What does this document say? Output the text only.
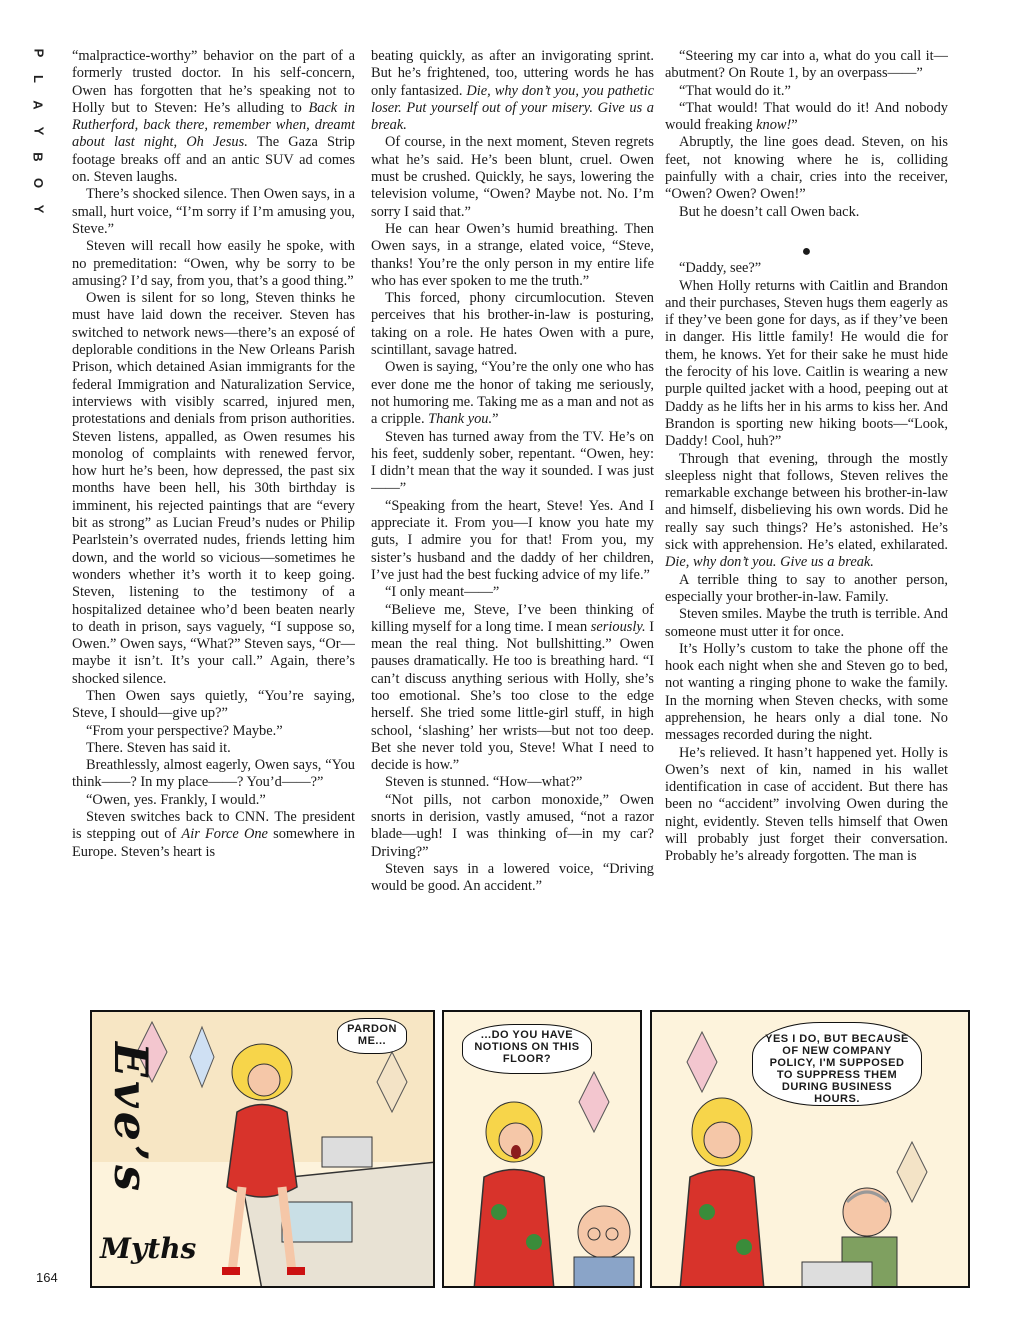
P
L
A
Y
B
O
Y

“malpractice-worthy” behavior on the part of a formerly trusted doctor. In his self-concern, Owen has forgotten that he’s speaking not to Holly but to Steven: He’s alluding to Back in Rutherford, back there, remember when, dreamt about last night, Oh Jesus. The Gaza Strip footage breaks off and an antic SUV ad comes on. Steven laughs.

There’s shocked silence. Then Owen says, in a small, hurt voice, “I’m sorry if I’m amusing you, Steve.”

Steven will recall how easily he spoke, with no premeditation: “Owen, why be sorry to be amusing? I’d say, from you, that’s a good thing.”

Owen is silent for so long, Steven thinks he must have laid down the receiver. Steven has switched to network news—there’s an exposé of deplorable conditions in the New Orleans Parish Prison, which detained Asian immigrants for the federal Immigration and Naturalization Service, interviews with visibly scarred, injured men, protestations and denials from prison authorities. Steven listens, appalled, as Owen resumes his monolog of complaints with renewed fervor, how hurt he’s been, how depressed, the past six months have been hell, his 30th birthday is imminent, his rejected paintings that are “every bit as strong” as Lucian Freud’s nudes or Philip Pearlstein’s overrated nudes, friends letting him down, and the world so vicious—sometimes he wonders whether it’s worth it to keep going. Steven, listening to the testimony of a hospitalized detainee who’d been beaten nearly to death in prison, says vaguely, “I suppose so, Owen.” Owen says, “What?” Steven says, “Or—maybe it isn’t. It’s your call.” Again, there’s shocked silence.

Then Owen says quietly, “You’re saying, Steve, I should—give up?”

“From your perspective? Maybe.”

There. Steven has said it.

Breathlessly, almost eagerly, Owen says, “You think——? In my place——? You’d——?”

“Owen, yes. Frankly, I would.”

Steven switches back to CNN. The president is stepping out of Air Force One somewhere in Europe. Steven’s heart is

beating quickly, as after an invigorating sprint. But he’s frightened, too, uttering words he has only fantasized. Die, why don’t you, you pathetic loser. Put yourself out of your misery. Give us a break.

Of course, in the next moment, Steven regrets what he’s said. He’s been blunt, cruel. Owen must be crushed. Quickly, he says, lowering the television volume, “Owen? Maybe not. No. I’m sorry I said that.”

He can hear Owen’s humid breathing. Then Owen says, in a strange, elated voice, “Steve, thanks! You’re the only person in my entire life who has ever spoken to me the truth.”

This forced, phony circumlocution. Steven perceives that his brother-in-law is posturing, taking on a role. He hates Owen with a pure, scintillant, savage hatred.

Owen is saying, “You’re the only one who has ever done me the honor of taking me seriously, not humoring me. Taking me as a man and not as a cripple. Thank you.”

Steven has turned away from the TV. He’s on his feet, suddenly sober, repentant. “Owen, hey: I didn’t mean that the way it sounded. I was just——”

“Speaking from the heart, Steve! Yes. And I appreciate it. From you—I know you hate my guts, I admire you for that! From you, my sister’s husband and the daddy of her children, I’ve just had the best fucking advice of my life.”

“I only meant——”

“Believe me, Steve, I’ve been thinking of killing myself for a long time. I mean seriously. I mean the real thing. Not bullshitting.” Owen pauses dramatically. He too is breathing hard. “I can’t discuss anything serious with Holly, she’s too emotional. She’s too close to the edge herself. She tried some little-girl stuff, in high school, ‘slashing’ her wrists—but not too deep. Bet she never told you, Steve! What I need to decide is how.”

Steven is stunned. “How—what?”

“Not pills, not carbon monoxide,” Owen snorts in derision, vastly amused, “not a razor blade—ugh! I was thinking of—in my car? Driving?”

Steven says in a lowered voice, “Driving would be good. An accident.”

“Steering my car into a, what do you call it—abutment? On Route 1, by an overpass——”

“That would do it.”

“That would! That would do it! And nobody would freaking know!”

Abruptly, the line goes dead. Steven, on his feet, not knowing where he is, colliding painfully with a chair, cries into the receiver, “Owen? Owen? Owen!”

But he doesn’t call Owen back.

●

“Daddy, see?”

When Holly returns with Caitlin and Brandon and their purchases, Steven hugs them eagerly as if they’ve been gone for days, as if they’ve been in danger. His little family! He would die for them, he knows. Yet for their sake he must hide the ferocity of his love. Caitlin is wearing a new purple quilted jacket with a hood, peeping out at Daddy as he lifts her in his arms to kiss her. And Brandon is sporting new hiking boots—“Look, Daddy! Cool, huh?”

Through that evening, through the mostly sleepless night that follows, Steven relives the remarkable exchange between his brother-in-law and himself, disbelieving his own words. Did he really say such things? He’s astonished. He’s sick with apprehension. He’s elated, exhilarated. Die, why don’t you. Give us a break.

A terrible thing to say to another person, especially your brother-in-law. Family.

Steven smiles. Maybe the truth is terrible. And someone must utter it for once.

It’s Holly’s custom to take the phone off the hook each night when she and Steven go to bed, not wanting a ringing phone to wake the family. In the morning when Steven checks, with some apprehension, he hears only a dial tone. No messages recorded during the night.

He’s relieved. It hasn’t happened yet. Holly is Owen’s next of kin, named in his wallet identification in case of accident. But there has been no “accident” involving Owen during the night, evidently. Steven tells himself that Owen will probably just forget their conversation. Probably he’s already forgotten. The man is

Eve’s
Myths
PARDON ME...	...DO YOU HAVE NOTIONS ON THIS FLOOR?
YES I DO, BUT BECAUSE OF NEW COMPANY POLICY, I'M SUPPOSED TO SUPPRESS THEM DURING BUSINESS HOURS.
164
